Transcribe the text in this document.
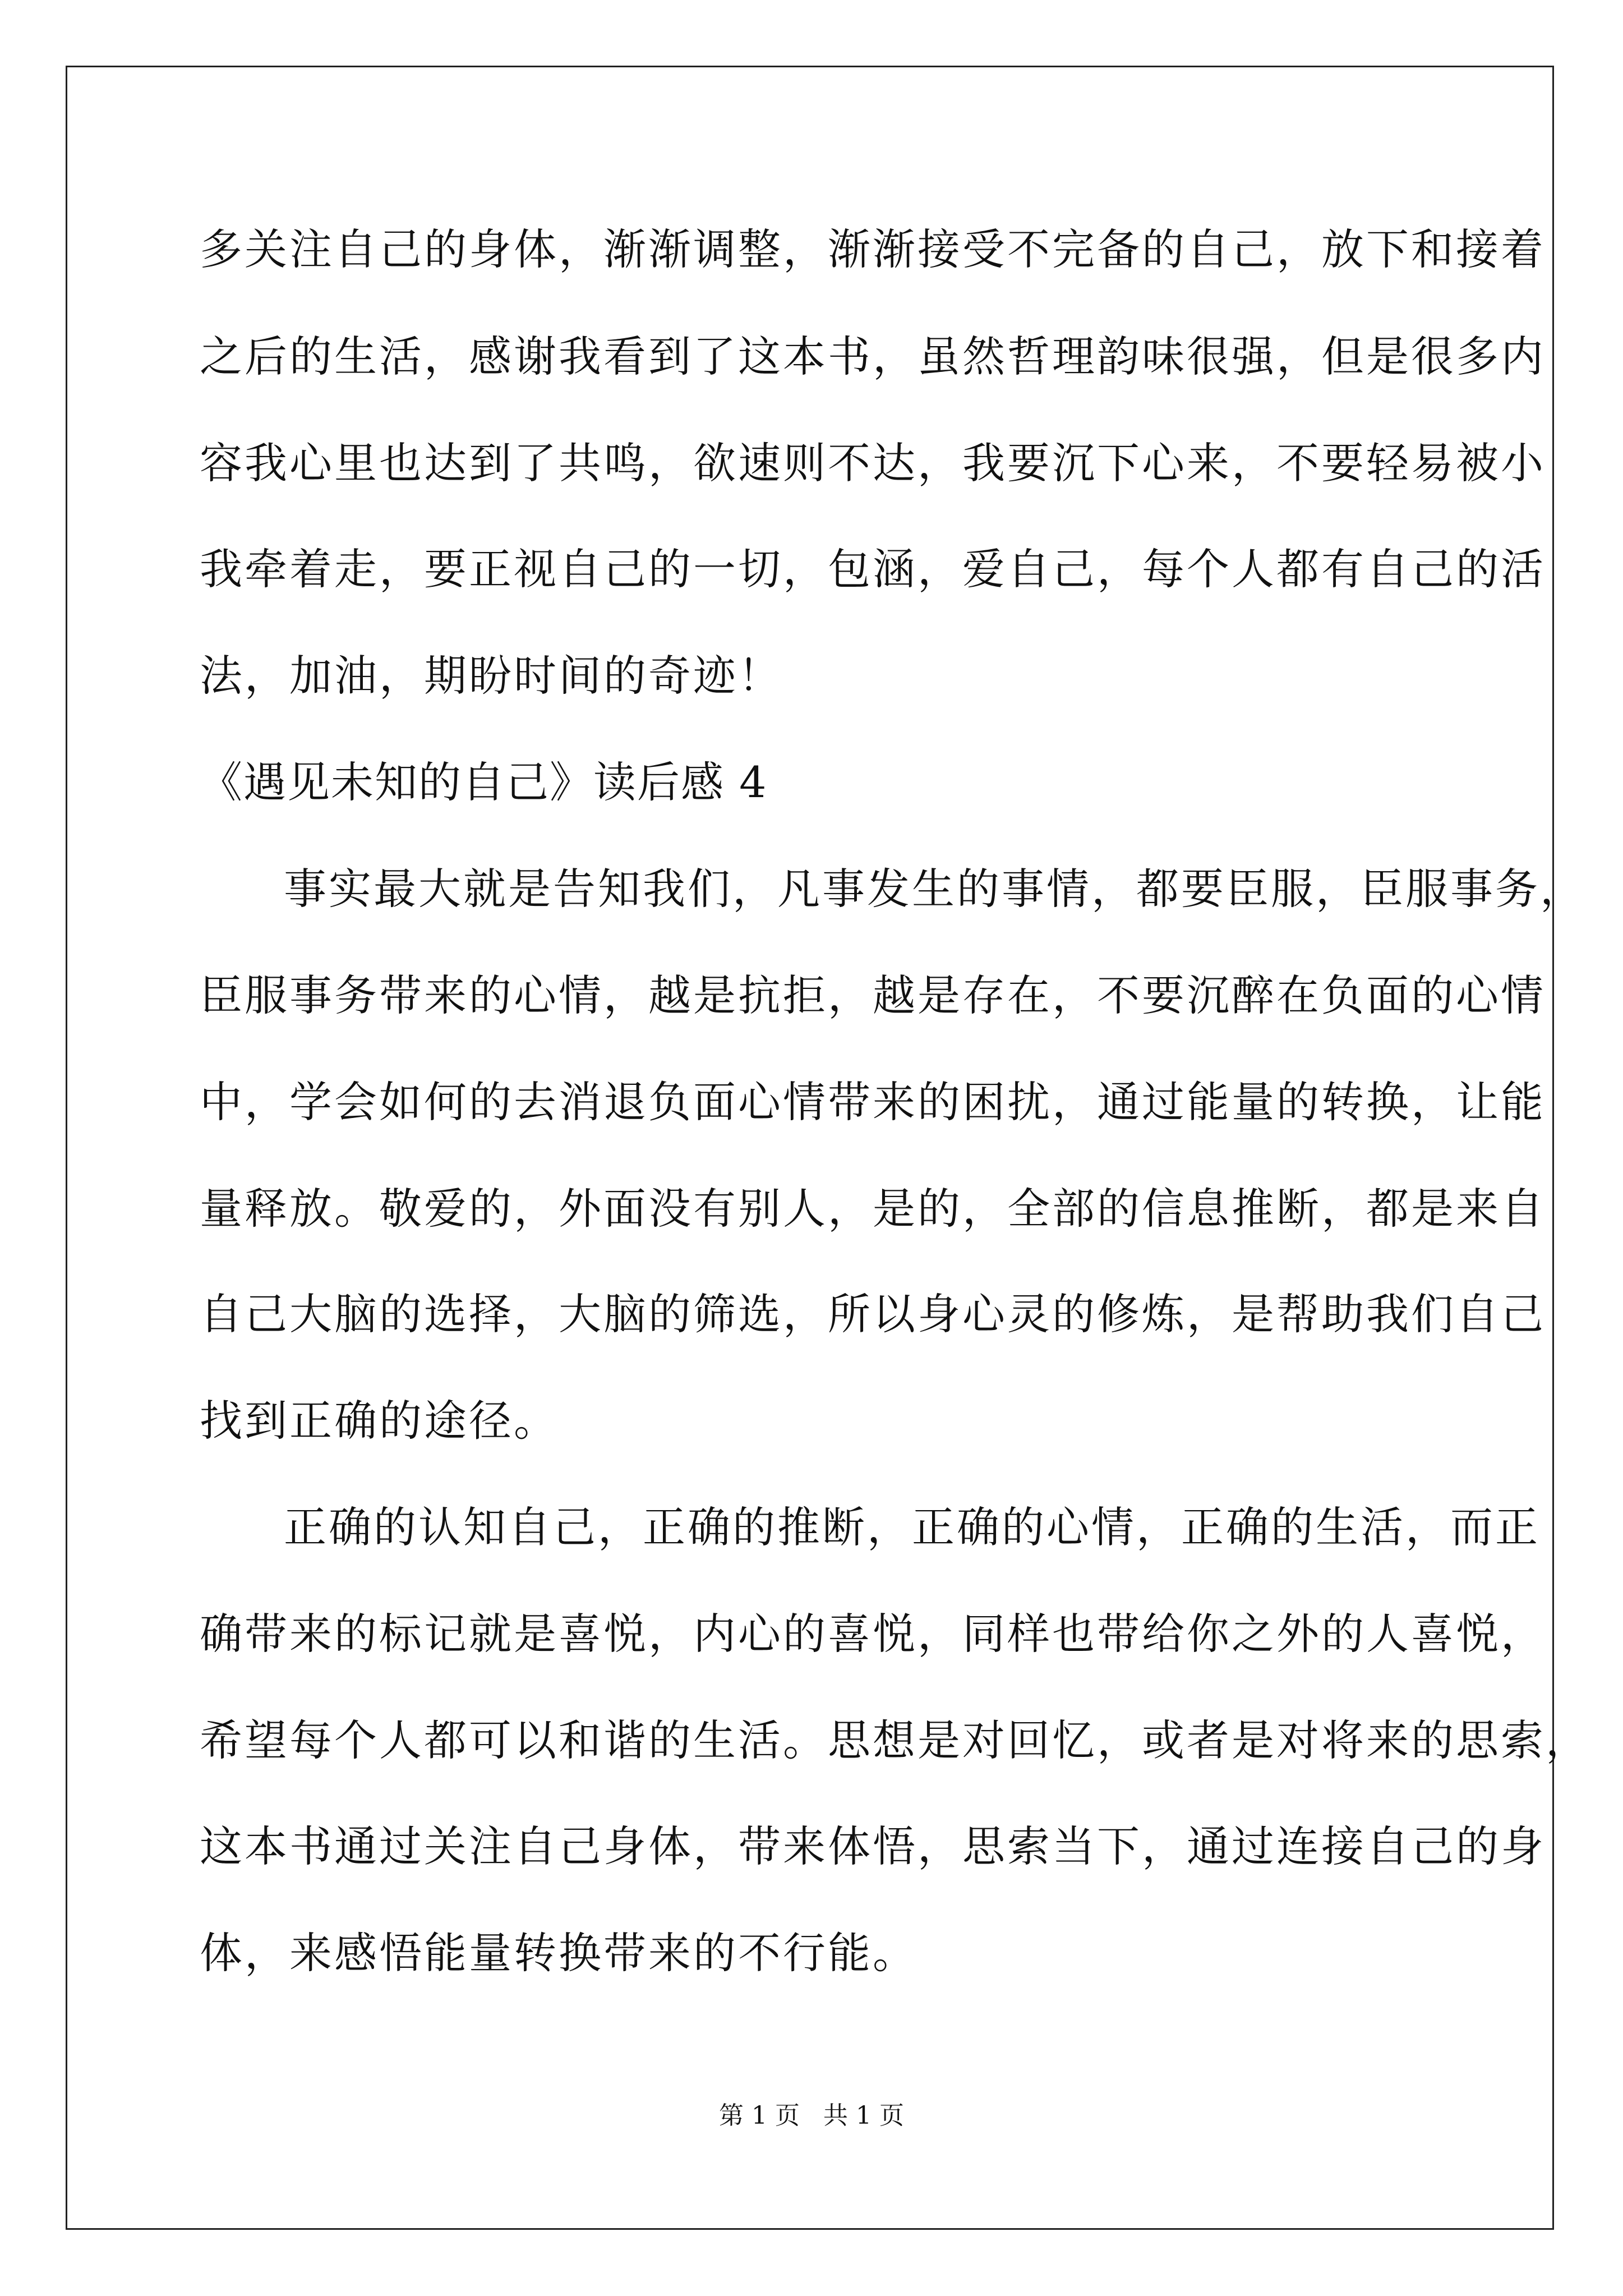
多关注自己的身体，渐渐调整，渐渐接受不完备的自己，放下和接着

之后的生活，感谢我看到了这本书，虽然哲理韵味很强，但是很多内

容我心里也达到了共鸣，欲速则不达，我要沉下心来，不要轻易被小

我牵着走，要正视自己的一切，包涵，爱自己，每个人都有自己的活

法，加油，期盼时间的奇迹！

《遇见未知的自己》读后感 4

事实最大就是告知我们，凡事发生的事情，都要臣服，臣服事务，

臣服事务带来的心情，越是抗拒，越是存在，不要沉醉在负面的心情

中，学会如何的去消退负面心情带来的困扰，通过能量的转换，让能

量释放。敬爱的，外面没有别人，是的，全部的信息推断，都是来自

自己大脑的选择，大脑的筛选，所以身心灵的修炼，是帮助我们自己

找到正确的途径。

正确的认知自己，正确的推断，正确的心情，正确的生活，而正

确带来的标记就是喜悦，内心的喜悦，同样也带给你之外的人喜悦，

希望每个人都可以和谐的生活。思想是对回忆，或者是对将来的思索，

这本书通过关注自己身体，带来体悟，思索当下，通过连接自己的身

体，来感悟能量转换带来的不行能。

第 1 页   共 1 页
